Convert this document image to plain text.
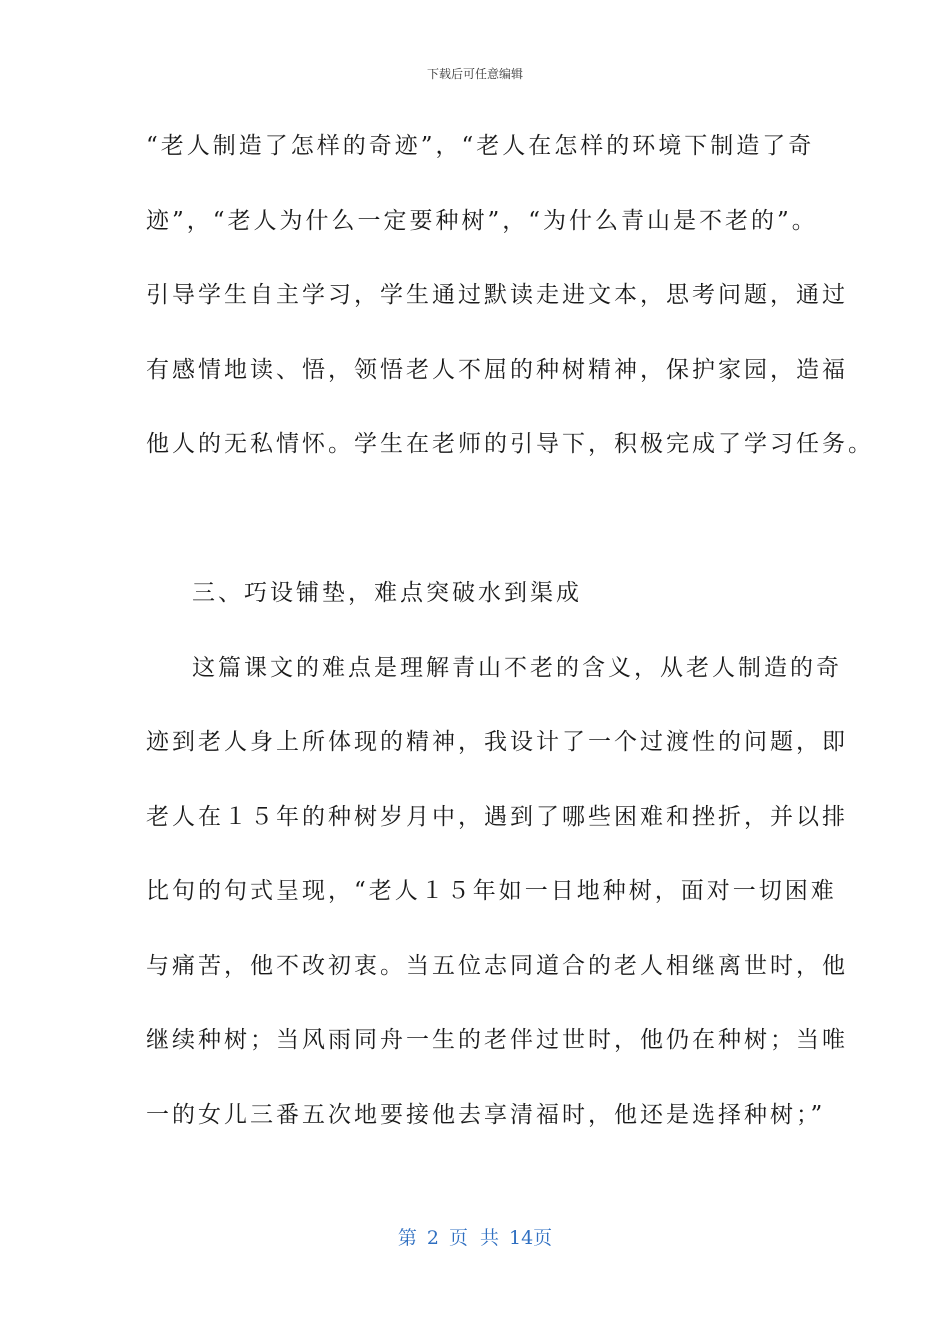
下载后可任意编辑
“老人制造了怎样的奇迹”，“老人在怎样的环境下制造了奇
迹”，“老人为什么一定要种树”，“为什么青山是不老的”。
引导学生自主学习，学生通过默读走进文本，思考问题，通过
有感情地读、悟，领悟老人不屈的种树精神，保护家园，造福
他人的无私情怀。学生在老师的引导下，积极完成了学习任务。
三、巧设铺垫，难点突破水到渠成
这篇课文的难点是理解青山不老的含义，从老人制造的奇
迹到老人身上所体现的精神，我设计了一个过渡性的问题，即
老人在１５年的种树岁月中，遇到了哪些困难和挫折，并以排
比句的句式呈现，“老人１５年如一日地种树，面对一切困难
与痛苦，他不改初衷。当五位志同道合的老人相继离世时，他
继续种树；当风雨同舟一生的老伴过世时，他仍在种树；当唯
一的女儿三番五次地要接他去享清福时，他还是选择种树；”
第 2 页 共 14页
